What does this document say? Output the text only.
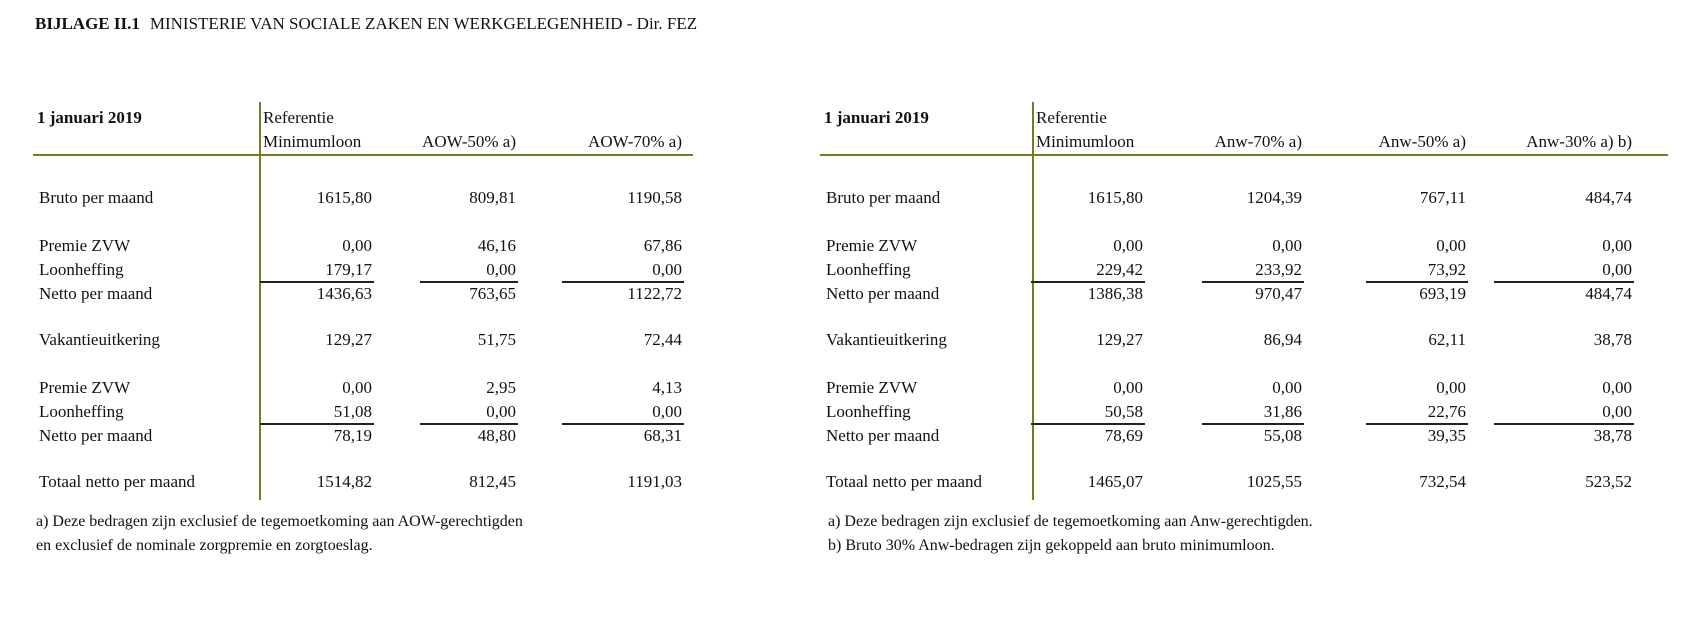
BIJLAGE II.1 MINISTERIE VAN SOCIALE ZAKEN EN WERKGELEGENHEID - Dir. FEZ
1 januari 2019	Referentie
Minimumloon	AOW-50% a)	AOW-70% a)
Bruto per maand	1615,80	809,81	1190,58
Premie ZVW	0,00	46,16	67,86
Loonheffing	179,17	0,00	0,00
Netto per maand	1436,63	763,65	1122,72
Vakantieuitkering	129,27	51,75	72,44
Premie ZVW	0,00	2,95	4,13
Loonheffing	51,08	0,00	0,00
Netto per maand	78,19	48,80	68,31
Totaal netto per maand	1514,82	812,45	1191,03
1 januari 2019	Referentie
Minimumloon	Anw-70% a)	Anw-50% a)	Anw-30% a) b)
Bruto per maand	1615,80	1204,39	767,11	484,74
Premie ZVW	0,00	0,00	0,00	0,00
Loonheffing	229,42	233,92	73,92	0,00
Netto per maand	1386,38	970,47	693,19	484,74
Vakantieuitkering	129,27	86,94	62,11	38,78
Premie ZVW	0,00	0,00	0,00	0,00
Loonheffing	50,58	31,86	22,76	0,00
Netto per maand	78,69	55,08	39,35	38,78
Totaal netto per maand	1465,07	1025,55	732,54	523,52
a) Deze bedragen zijn exclusief de tegemoetkoming aan AOW-gerechtigden
en exclusief de nominale zorgpremie en zorgtoeslag.
a) Deze bedragen zijn exclusief de tegemoetkoming aan Anw-gerechtigden.
b) Bruto 30% Anw-bedragen zijn gekoppeld aan bruto minimumloon.
